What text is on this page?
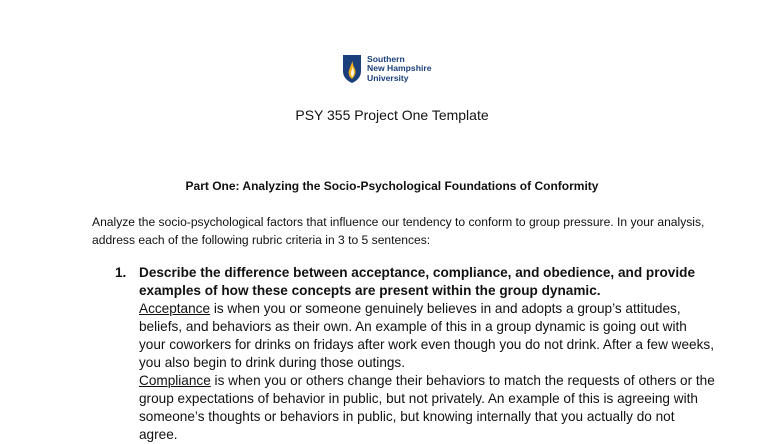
Southern
New Hampshire
University
PSY 355 Project One Template
Part One: Analyzing the Socio-Psychological Foundations of Conformity

Analyze the socio-psychological factors that influence our tendency to conform to group pressure. In your analysis, address each of the following rubric criteria in 3 to 5 sentences:

1. Describe the difference between acceptance, compliance, and obedience, and provide examples of how these concepts are present within the group dynamic.

Acceptance is when you or someone genuinely believes in and adopts a group’s attitudes, beliefs, and behaviors as their own. An example of this in a group dynamic is going out with your coworkers for drinks on fridays after work even though you do not drink. After a few weeks, you also begin to drink during those outings.

Compliance is when you or others change their behaviors to match the requests of others or the group expectations of behavior in public, but not privately. An example of this is agreeing with someone’s thoughts or behaviors in public, but knowing internally that you actually do not agree.
